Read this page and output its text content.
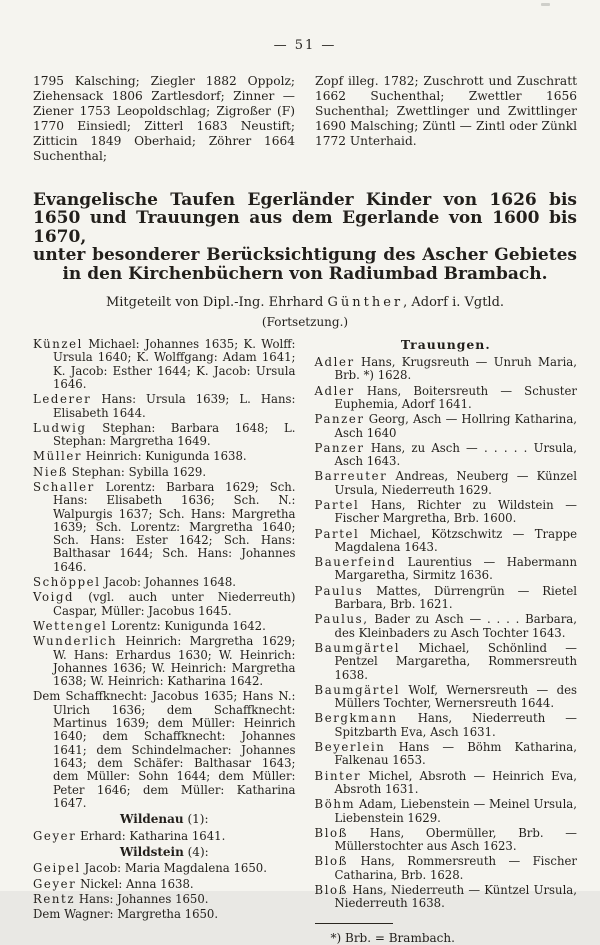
— 51 —
1795 Kalsching; Ziegler 1882 Oppolz; Ziehensack 1806 Zartlesdorf; Zinner — Ziener 1753 Leopoldschlag; Zigroßer (F) 1770 Einsiedl; Zitterl 1683 Neustift; Zitticin 1849 Oberhaid; Zöhrer 1664 Suchenthal;
Zopf illeg. 1782; Zuschrott und Zuschratt 1662 Suchenthal; Zwettler 1656 Suchenthal; Zwettlinger und Zwittlinger 1690 Malsching; Züntl — Zintl oder Zünkl 1772 Unterhaid.
Evangelische Taufen Egerländer Kinder von 1626 bis
1650 und Trauungen aus dem Egerlande von 1600 bis 1670,
unter besonderer Berücksichtigung des Ascher Gebietes
in den Kirchenbüchern von Radiumbad Brambach.
Mitgeteilt von Dipl.-Ing. Ehrhard Günther, Adorf i. Vgtld.
(Fortsetzung.)
Künzel Michael: Johannes 1635; K. Wolff: Ursula 1640; K. Wolffgang: Adam 1641; K. Jacob: Esther 1644; K. Jacob: Ursula 1646.
Lederer Hans: Ursula 1639; L. Hans: Elisabeth 1644.
Ludwig Stephan: Barbara 1648; L. Stephan: Margretha 1649.
Müller Heinrich: Kunigunda 1638.
Nieß Stephan: Sybilla 1629.
Schaller Lorentz: Barbara 1629; Sch. Hans: Elisabeth 1636; Sch. N.: Walpurgis 1637; Sch. Hans: Margretha 1639; Sch. Lorentz: Margretha 1640; Sch. Hans: Ester 1642; Sch. Hans: Balthasar 1644; Sch. Hans: Johannes 1646.
Schöppel Jacob: Johannes 1648.
Voigd (vgl. auch unter Niederreuth) Caspar, Müller: Jacobus 1645.
Wettengel Lorentz: Kunigunda 1642.
Wunderlich Heinrich: Margretha 1629; W. Hans: Erhardus 1630; W. Heinrich: Johannes 1636; W. Heinrich: Margretha 1638; W. Heinrich: Katharina 1642.
Dem Schaffknecht: Jacobus 1635; Hans N.: Ulrich 1636; dem Schaffknecht: Martinus 1639; dem Müller: Heinrich 1640; dem Schaffknecht: Johannes 1641; dem Schindelmacher: Johannes 1643; dem Schäfer: Balthasar 1643; dem Müller: Sohn 1644; dem Müller: Peter 1646; dem Müller: Katharina 1647.
Wildenau (1):
Geyer Erhard: Katharina 1641.
Wildstein (4):
Geipel Jacob: Maria Magdalena 1650.
Geyer Nickel: Anna 1638.
Rentz Hans: Johannes 1650.
Dem Wagner: Margretha 1650.
Trauungen.
Adler Hans, Krugsreuth — Unruh Maria, Brb. *) 1628.
Adler Hans, Boitersreuth — Schuster Euphemia, Adorf 1641.
Panzer Georg, Asch — Hollring Katharina, Asch 1640
Panzer Hans, zu Asch — . . . . . Ursula, Asch 1643.
Barreuter Andreas, Neuberg — Künzel Ursula, Niederreuth 1629.
Partel Hans, Richter zu Wildstein — Fischer Margretha, Brb. 1600.
Partel Michael, Kötzschwitz — Trappe Magdalena 1643.
Bauerfeind Laurentius — Habermann Margaretha, Sirmitz 1636.
Paulus Mattes, Dürrengrün — Rietel Barbara, Brb. 1621.
Paulus, Bader zu Asch — . . . . Barbara, des Kleinbaders zu Asch Tochter 1643.
Baumgärtel Michael, Schönlind — Pentzel Margaretha, Rommersreuth 1638.
Baumgärtel Wolf, Wernersreuth — des Müllers Tochter, Wernersreuth 1644.
Bergkmann Hans, Niederreuth — Spitzbarth Eva, Asch 1631.
Beyerlein Hans — Böhm Katharina, Falkenau 1653.
Binter Michel, Absroth — Heinrich Eva, Absroth 1631.
Böhm Adam, Liebenstein — Meinel Ursula, Liebenstein 1629.
Bloß Hans, Obermüller, Brb. — Müllerstochter aus Asch 1623.
Bloß Hans, Rommersreuth — Fischer Catharina, Brb. 1628.
Bloß Hans, Niederreuth — Küntzel Ursula, Niederreuth 1638.
*) Brb. = Brambach.
